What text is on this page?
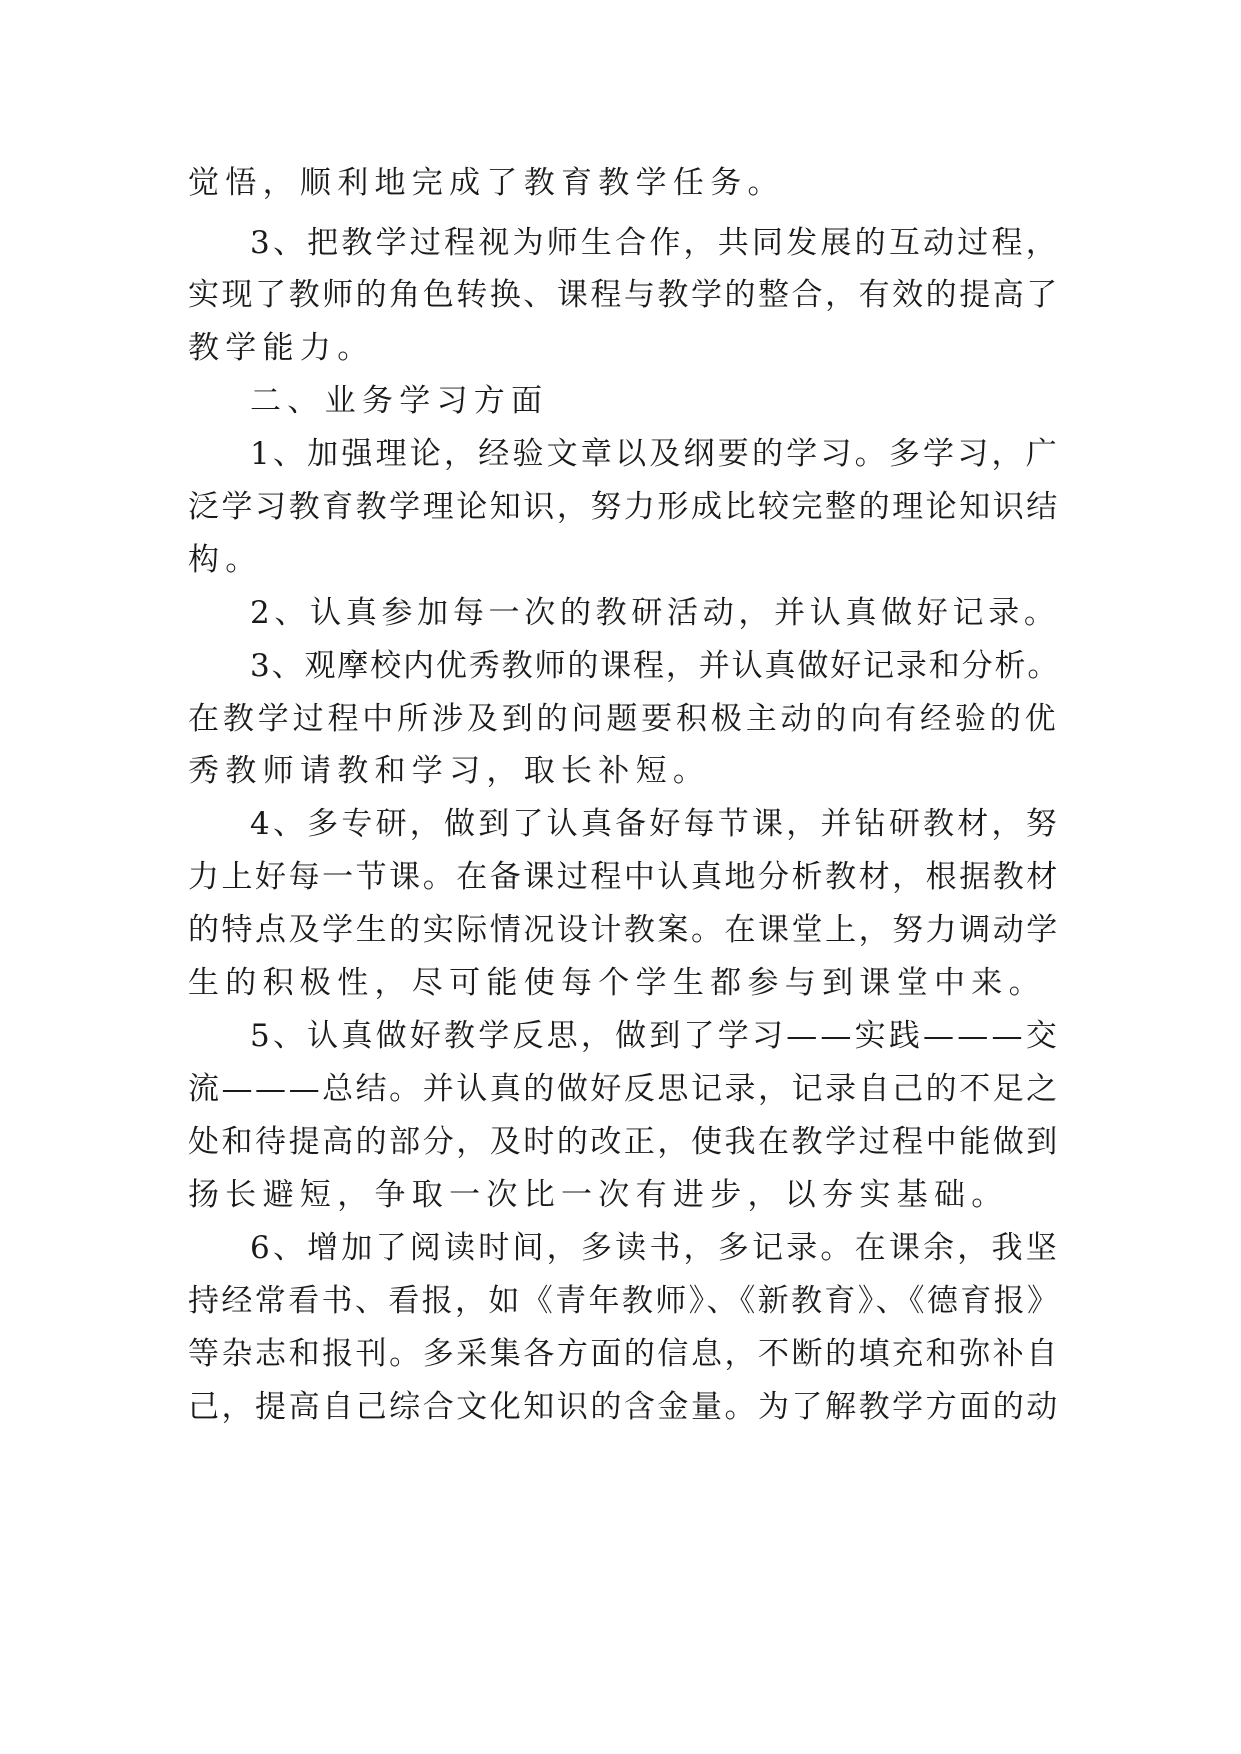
觉悟，顺利地完成了教育教学任务。
3、把教学过程视为师生合作，共同发展的互动过程，
实现了教师的角色转换、课程与教学的整合，有效的提高了
教学能力。
二、业务学习方面
1、加强理论，经验文章以及纲要的学习。多学习，广
泛学习教育教学理论知识，努力形成比较完整的理论知识结
构。
2、认真参加每一次的教研活动，并认真做好记录。
3、观摩校内优秀教师的课程，并认真做好记录和分析。
在教学过程中所涉及到的问题要积极主动的向有经验的优
秀教师请教和学习，取长补短。
4、多专研，做到了认真备好每节课，并钻研教材，努
力上好每一节课。在备课过程中认真地分析教材，根据教材
的特点及学生的实际情况设计教案。在课堂上，努力调动学
生的积极性，尽可能使每个学生都参与到课堂中来。
5、认真做好教学反思，做到了学习——实践———交
流———总结。并认真的做好反思记录，记录自己的不足之
处和待提高的部分，及时的改正，使我在教学过程中能做到
扬长避短，争取一次比一次有进步，以夯实基础。
6、增加了阅读时间，多读书，多记录。在课余，我坚
持经常看书、看报，如《青年教师》、《新教育》、《德育报》
等杂志和报刊。多采集各方面的信息，不断的填充和弥补自
己，提高自己综合文化知识的含金量。为了解教学方面的动
